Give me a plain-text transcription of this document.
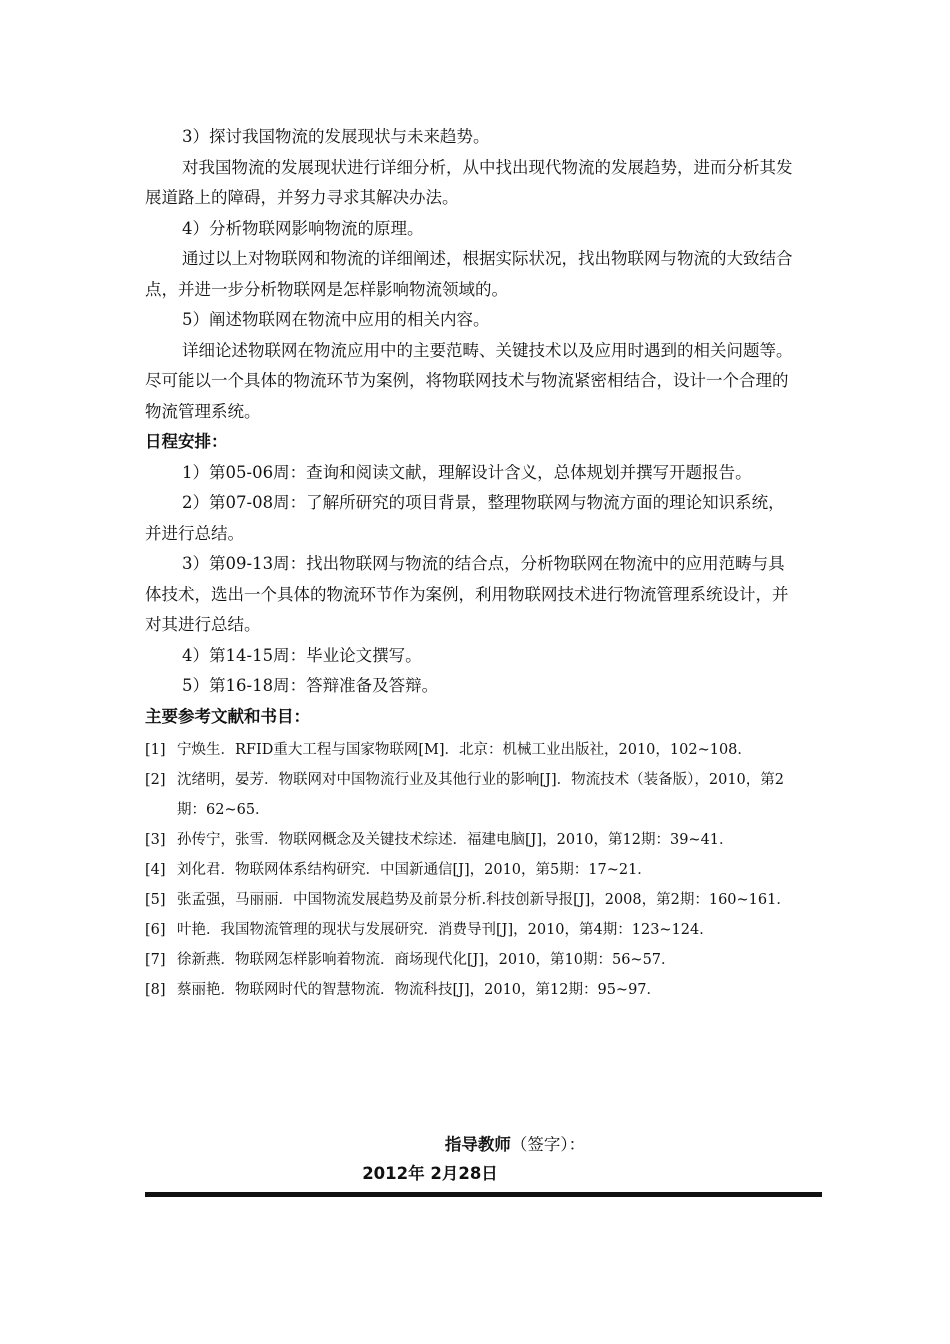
3）探讨我国物流的发展现状与未来趋势。

对我国物流的发展现状进行详细分析，从中找出现代物流的发展趋势，进而分析其发展道路上的障碍，并努力寻求其解决办法。

4）分析物联网影响物流的原理。

通过以上对物联网和物流的详细阐述，根据实际状况，找出物联网与物流的大致结合点，并进一步分析物联网是怎样影响物流领域的。

5）阐述物联网在物流中应用的相关内容。

详细论述物联网在物流应用中的主要范畴、关键技术以及应用时遇到的相关问题等。尽可能以一个具体的物流环节为案例，将物联网技术与物流紧密相结合，设计一个合理的物流管理系统。

日程安排：

1）第05-06周：查询和阅读文献，理解设计含义，总体规划并撰写开题报告。

2）第07-08周：了解所研究的项目背景，整理物联网与物流方面的理论知识系统，并进行总结。

3）第09-13周：找出物联网与物流的结合点，分析物联网在物流中的应用范畴与具体技术，选出一个具体的物流环节作为案例，利用物联网技术进行物流管理系统设计，并对其进行总结。

4）第14-15周：毕业论文撰写。

5）第16-18周：答辩准备及答辩。

主要参考文献和书目：

[1] 宁焕生．RFID重大工程与国家物联网[M]．北京：机械工业出版社，2010，102~108．
[2] 沈绪明，晏芳．物联网对中国物流行业及其他行业的影响[J]．物流技术（装备版），2010，第2期：62~65．
[3] 孙传宁，张雪．物联网概念及关键技术综述．福建电脑[J]，2010，第12期：39~41．
[4] 刘化君．物联网体系结构研究．中国新通信[J]，2010，第5期：17~21．
[5] 张孟强，马丽丽．中国物流发展趋势及前景分析.科技创新导报[J]，2008，第2期：160~161．
[6] 叶艳．我国物流管理的现状与发展研究．消费导刊[J]，2010，第4期：123~124．
[7] 徐新燕．物联网怎样影响着物流．商场现代化[J]，2010，第10期：56~57．
[8] 蔡丽艳．物联网时代的智慧物流．物流科技[J]，2010，第12期：95~97．

指导教师（签字）：

2012年 2月28日
